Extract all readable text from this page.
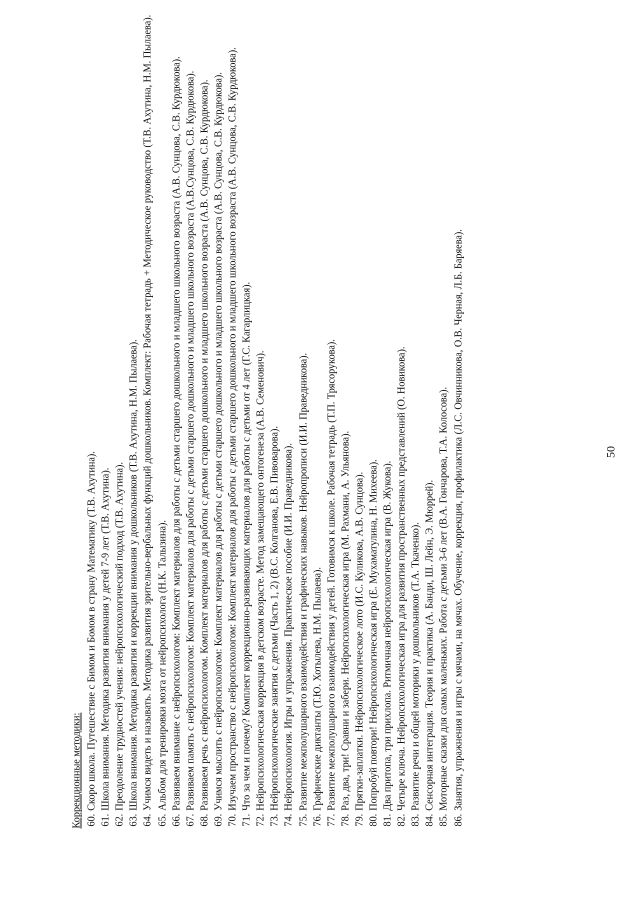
Коррекционные методики: 60.Скоро школа. Путешествие с Бимом и Бомом в страну Математику (Т.В. Ахутина).
61.Школа внимания. Методика развития внимания у детей 7-9 лет (Т.В. Ахутина).
62.Преодоление трудностей учения: нейропсихологический подход (Т.В. Ахутина).
63.Школа внимания. Методика развития и коррекции внимания у дошкольников (Т.В. Ахутина, Н.М. Пылаева).
64.Учимся видеть и называть. Методика развития зрительно-вербальных функций дошкольников. Комплект: Рабочая тетрадь + Методическое руководство (Т.В. Ахутина, Н.М. Пылаева).
65.Альбом для тренировки мозга от нейропсихолога (Н.К. Талызина).
66.Развиваем внимание с нейропсихологом: Комплект материалов для работы с детьми старшего дошкольного и младшего школьного возраста (А.В. Сунцова, С.В. Курдюкова).
67.Развиваем память с нейропсихологом: Комплект материалов для работы с детьми старшего дошкольного и младшего школьного возраста (А.В.Сунцова, С.В. Курдюкова).
68.Развиваем речь с нейропсихологом. Комплект материалов для работы с детьми старшего дошкольного и младшего школьного возраста (А.В. Сунцова, С.В. Курдюкова).
69.Учимся мыслить с нейропсихологом: Комплект материалов для работы с детьми старшего дошкольного и младшего школьного возраста (А.В. Сунцова, С.В. Курдюкова).
70.Изучаем пространство с нейропсихологом: Комплект материалов для работы с детьми старшего дошкольного и младшего школьного возраста (А.В. Сунцова, С.В. Курдюкова).
71.Что за чем и почему? Комплект коррекционно-развивающих материалов для работы с детьми от 4 лет (Г.С. Кагарлицкая).
72.Нейропсихологическая коррекция в детском возрасте. Метод замещающего онтогенеза (А.В. Семенович).
73.Нейропсихологические занятия с детьми (Часть 1, 2) (В.С. Колганова, Е.В. Пивоварова).
74.Нейропсихология. Игры и упражнения. Практическое пособие (И.И. Праведникова).
75.Развитие межполушарного взаимодействия и графических навыков. Нейропрописи (И.И. Праведникова).
76.Графические диктанты (Т.Ю. Хотылева, Н.М. Пылаева).
77.Развитие межполушарного взаимодействия у детей. Готовимся к школе. Рабочая тетрадь (Т.П. Трясорукова).
78.Раз, два, три! Сравни и забери. Нейропсихологическая игра (М. Рахмани, А. Ульянова).
79.Прятки-заплатки. Нейропсихологическое лото (И.С. Куликова, А.В. Сунцова).
80.Попробуй повтори! Нейропсихологическая игра (Е. Мухаматулина, Н. Михеева).
81.Два притопа, три прихлопа. Ритмичная нейропсихологическая игра (В. Жукова).
82.Четыре ключа. Нейропсихологическая игра для развития пространственных представлений (О. Новикова).
83.Развитие речи и общей моторики у дошкольников (Т.А. Ткаченко).
84.Сенсорная интеграция. Теория и практика (А. Банди, Ш. Лейн, Э. Мюррей).
85.Моторные сказки для самых маленьких. Работа с детьми 3-6 лет (В.А. Гончарова, Т.А. Колосова).
86.Занятия, упражнения и игры с мячами, на мячах. Обучение, коррекция, профилактика (Л.С. Овчинникова, О.В. Черная, Л.Б. Баряева).	50
